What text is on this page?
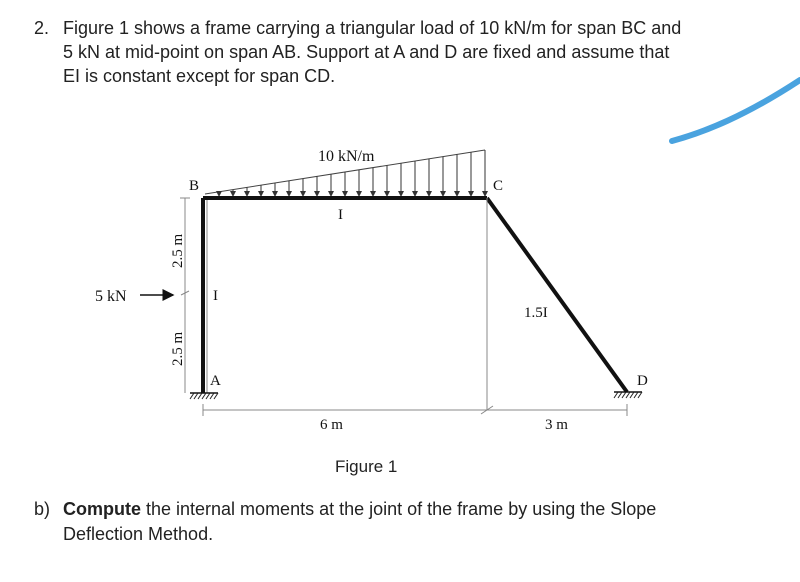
2. Figure 1 shows a frame carrying a triangular load of 10 kN/m for span BC and
5 kN at mid-point on span AB. Support at A and D are fixed and assume that
EI is constant except for span CD.
10 kN/m
5 kN
B	C
A	D
I
I
1.5I
2.5 m
2.5 m
6 m	3 m
Figure 1
b) Compute the internal moments at the joint of the frame by using the Slope
Deflection Method.
